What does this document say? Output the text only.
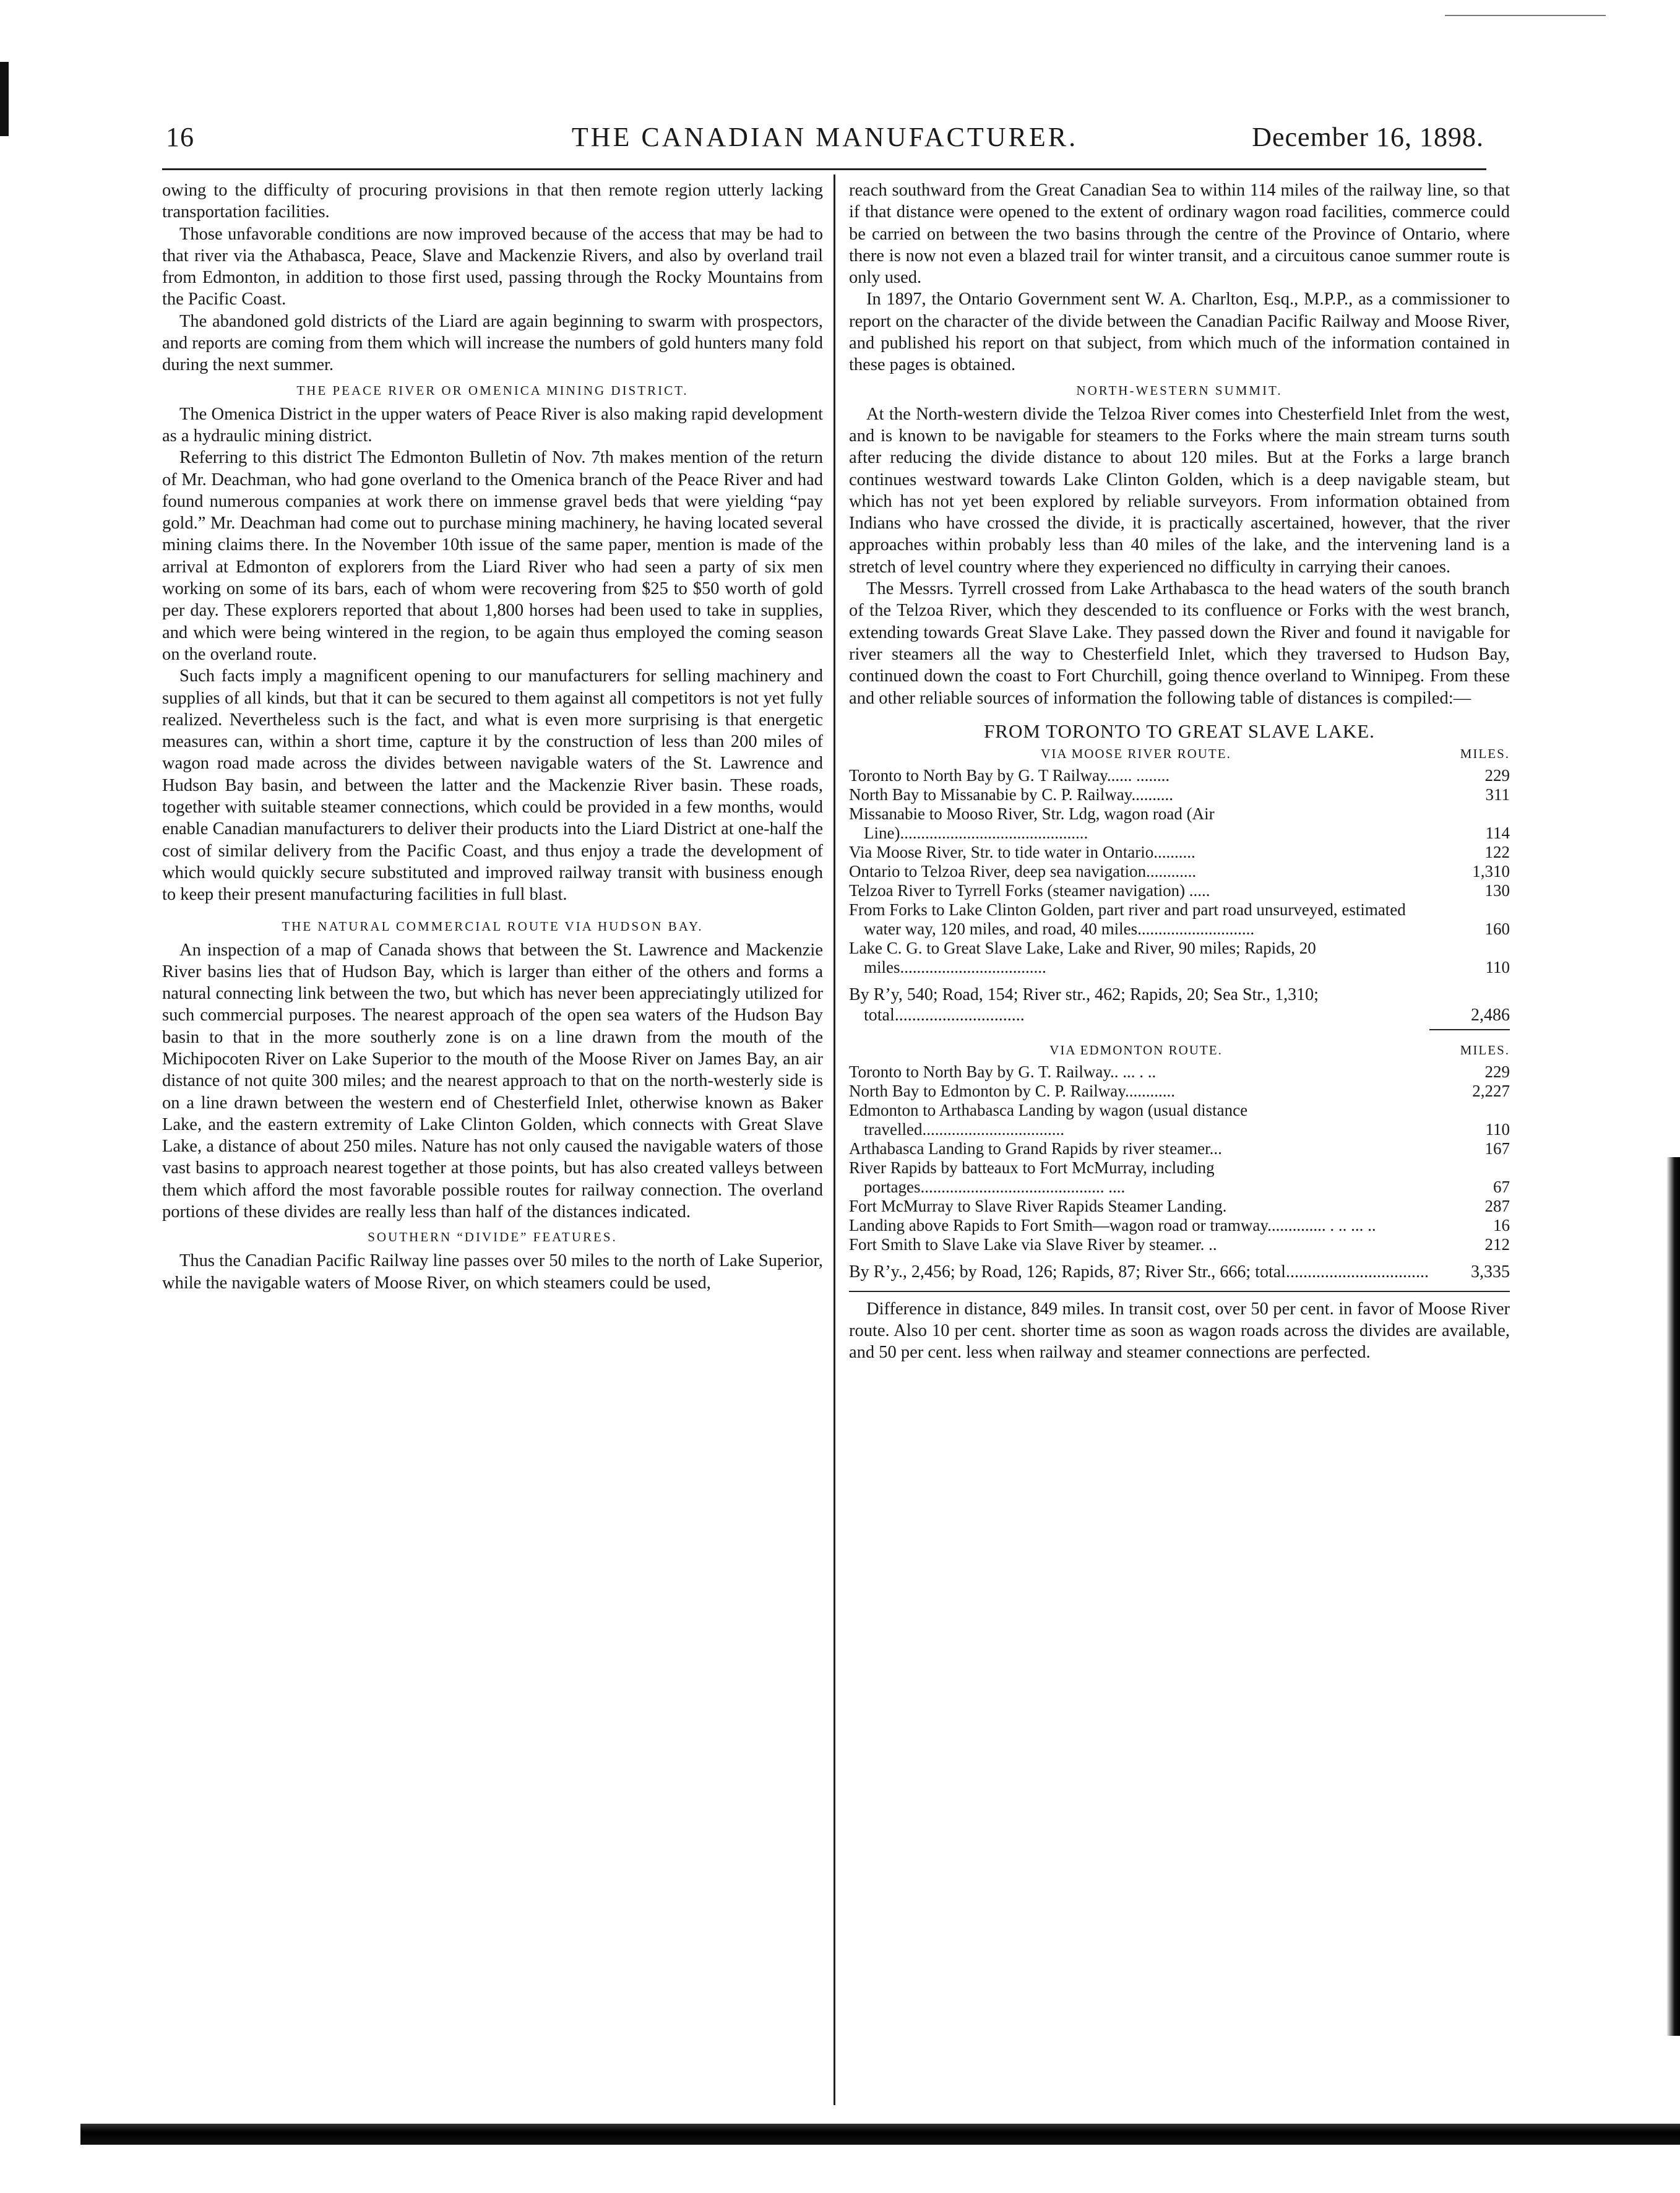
16	THE CANADIAN MANUFACTURER.	December 16, 1898.

owing to the difficulty of procuring provisions in that then remote region utterly lacking transportation facilities.

Those unfavorable conditions are now improved because of the access that may be had to that river via the Athabasca, Peace, Slave and Mackenzie Rivers, and also by overland trail from Edmonton, in addition to those first used, passing through the Rocky Mountains from the Pacific Coast.

The abandoned gold districts of the Liard are again beginning to swarm with prospectors, and reports are coming from them which will increase the numbers of gold hunters many fold during the next summer.

THE PEACE RIVER OR OMENICA MINING DISTRICT.

The Omenica District in the upper waters of Peace River is also making rapid development as a hydraulic mining district.

Referring to this district The Edmonton Bulletin of Nov. 7th makes mention of the return of Mr. Deachman, who had gone overland to the Omenica branch of the Peace River and had found numerous companies at work there on immense gravel beds that were yielding “pay gold.” Mr. Deachman had come out to purchase mining machinery, he having located several mining claims there. In the November 10th issue of the same paper, mention is made of the arrival at Edmonton of explorers from the Liard River who had seen a party of six men working on some of its bars, each of whom were recovering from $25 to $50 worth of gold per day. These explorers reported that about 1,800 horses had been used to take in supplies, and which were being wintered in the region, to be again thus employed the coming season on the overland route.

Such facts imply a magnificent opening to our manufacturers for selling machinery and supplies of all kinds, but that it can be secured to them against all competitors is not yet fully realized. Nevertheless such is the fact, and what is even more surprising is that energetic measures can, within a short time, capture it by the construction of less than 200 miles of wagon road made across the divides between navigable waters of the St. Lawrence and Hudson Bay basin, and between the latter and the Mackenzie River basin. These roads, together with suitable steamer connections, which could be provided in a few months, would enable Canadian manufacturers to deliver their products into the Liard District at one-half the cost of similar delivery from the Pacific Coast, and thus enjoy a trade the development of which would quickly secure substituted and improved railway transit with business enough to keep their present manufacturing facilities in full blast.

THE NATURAL COMMERCIAL ROUTE VIA HUDSON BAY.

An inspection of a map of Canada shows that between the St. Lawrence and Mackenzie River basins lies that of Hudson Bay, which is larger than either of the others and forms a natural connecting link between the two, but which has never been appreciatingly utilized for such commercial purposes. The nearest approach of the open sea waters of the Hudson Bay basin to that in the more southerly zone is on a line drawn from the mouth of the Michipocoten River on Lake Superior to the mouth of the Moose River on James Bay, an air distance of not quite 300 miles; and the nearest approach to that on the north-westerly side is on a line drawn between the western end of Chesterfield Inlet, otherwise known as Baker Lake, and the eastern extremity of Lake Clinton Golden, which connects with Great Slave Lake, a distance of about 250 miles. Nature has not only caused the navigable waters of those vast basins to approach nearest together at those points, but has also created valleys between them which afford the most favorable possible routes for railway connection. The overland portions of these divides are really less than half of the distances indicated.

SOUTHERN “DIVIDE” FEATURES.

Thus the Canadian Pacific Railway line passes over 50 miles to the north of Lake Superior, while the navigable waters of Moose River, on which steamers could be used,

reach southward from the Great Canadian Sea to within 114 miles of the railway line, so that if that distance were opened to the extent of ordinary wagon road facilities, commerce could be carried on between the two basins through the centre of the Province of Ontario, where there is now not even a blazed trail for winter transit, and a circuitous canoe summer route is only used.

In 1897, the Ontario Government sent W. A. Charlton, Esq., M.P.P., as a commissioner to report on the character of the divide between the Canadian Pacific Railway and Moose River, and published his report on that subject, from which much of the information contained in these pages is obtained.

NORTH-WESTERN SUMMIT.

At the North-western divide the Telzoa River comes into Chesterfield Inlet from the west, and is known to be navigable for steamers to the Forks where the main stream turns south after reducing the divide distance to about 120 miles. But at the Forks a large branch continues westward towards Lake Clinton Golden, which is a deep navigable steam, but which has not yet been explored by reliable surveyors. From information obtained from Indians who have crossed the divide, it is practically ascertained, however, that the river approaches within probably less than 40 miles of the lake, and the intervening land is a stretch of level country where they experienced no difficulty in carrying their canoes.

The Messrs. Tyrrell crossed from Lake Arthabasca to the head waters of the south branch of the Telzoa River, which they descended to its confluence or Forks with the west branch, extending towards Great Slave Lake. They passed down the River and found it navigable for river steamers all the way to Chesterfield Inlet, which they traversed to Hudson Bay, continued down the coast to Fort Churchill, going thence overland to Winnipeg. From these and other reliable sources of information the following table of distances is compiled:—

FROM TORONTO TO GREAT SLAVE LAKE.
VIA MOOSE RIVER ROUTE.	MILES.
Toronto to North Bay by G. T Railway...... ........	229
North Bay to Missanabie by C. P. Railway..........	311
Missanabie to Mooso River, Str. Ldg, wagon road (Air Line).............................................	114
Via Moose River, Str. to tide water in Ontario..........	122
Ontario to Telzoa River, deep sea navigation............	1,310
Telzoa River to Tyrrell Forks (steamer navigation) .....	130
From Forks to Lake Clinton Golden, part river and part road unsurveyed, estimated water way, 120 miles, and road, 40 miles............................	160
Lake C. G. to Great Slave Lake, Lake and River, 90 miles; Rapids, 20 miles...................................	110
By R’y, 540; Road, 154; River str., 462; Rapids, 20; Sea Str., 1,310; total..............................	2,486
VIA EDMONTON ROUTE.	MILES.
Toronto to North Bay by G. T. Railway.. ... . ..	229
North Bay to Edmonton by C. P. Railway............	2,227
Edmonton to Arthabasca Landing by wagon (usual distance travelled..................................	110
Arthabasca Landing to Grand Rapids by river steamer...	167
River Rapids by batteaux to Fort McMurray, including portages............................................ ....	67
Fort McMurray to Slave River Rapids Steamer Landing.	287
Landing above Rapids to Fort Smith—wagon road or tramway.............. . .. ... ..	16
Fort Smith to Slave Lake via Slave River by steamer. ..	212
By R’y., 2,456; by Road, 126; Rapids, 87; River Str., 666; total.................................	3,335

Difference in distance, 849 miles. In transit cost, over 50 per cent. in favor of Moose River route. Also 10 per cent. shorter time as soon as wagon roads across the divides are available, and 50 per cent. less when railway and steamer connections are perfected.
